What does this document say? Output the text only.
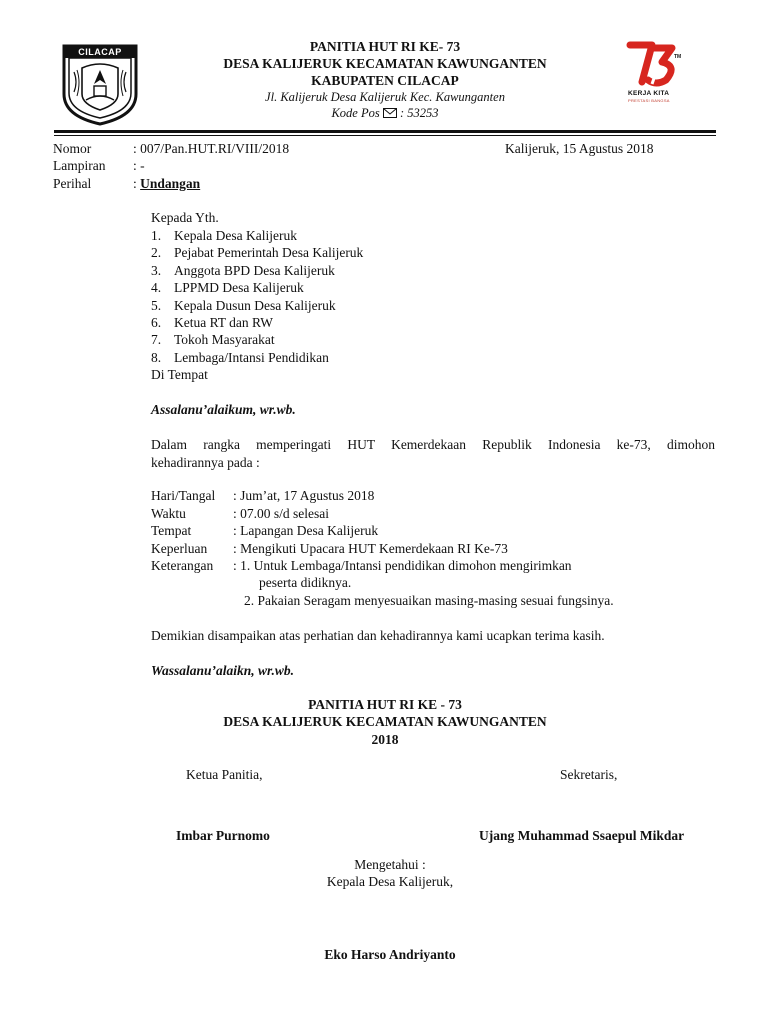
CILACAP	PANITIA HUT RI KE- 73
DESA KALIJERUK KECAMATAN KAWUNGANTEN
KABUPATEN CILACAP
Jl. Kalijeruk Desa Kalijeruk Kec. Kawunganten
Kode Pos : 53253
TM
KERJA KITA
PRESTASI BANGSA
Nomor	: 007/Pan.HUT.RI/VIII/2018	Kalijeruk, 15 Agustus 2018
Lampiran : -
Perihal	: Undangan
Kepada Yth.
1. Kepala Desa Kalijeruk
2. Pejabat Pemerintah Desa Kalijeruk
3. Anggota BPD Desa Kalijeruk
4. LPPMD Desa Kalijeruk
5. Kepala Dusun Desa Kalijeruk
6. Ketua RT dan RW
7. Tokoh Masyarakat
8. Lembaga/Intansi Pendidikan
Di Tempat
Assalanu’alaikum, wr.wb.
Dalam rangka memperingati HUT Kemerdekaan Republik Indonesia ke-73, dimohon
kehadirannya pada :
Hari/Tangal : Jum’at, 17 Agustus 2018
Waktu	: 07.00 s/d selesai
Tempat	: Lapangan Desa Kalijeruk
Keperluan : Mengikuti Upacara HUT Kemerdekaan RI Ke-73
Keterangan : 1. Untuk Lembaga/Intansi pendidikan dimohon mengirimkan
peserta didiknya.
2. Pakaian Seragam menyesuaikan masing-masing sesuai fungsinya.
Demikian disampaikan atas perhatian dan kehadirannya kami ucapkan terima kasih.
Wassalanu’alaikn, wr.wb.
PANITIA HUT RI KE - 73
DESA KALIJERUK KECAMATAN KAWUNGANTEN
2018
Ketua Panitia,	Sekretaris,
Imbar Purnomo	Ujang Muhammad Ssaepul Mikdar
Mengetahui :
Kepala Desa Kalijeruk,
Eko Harso Andriyanto
